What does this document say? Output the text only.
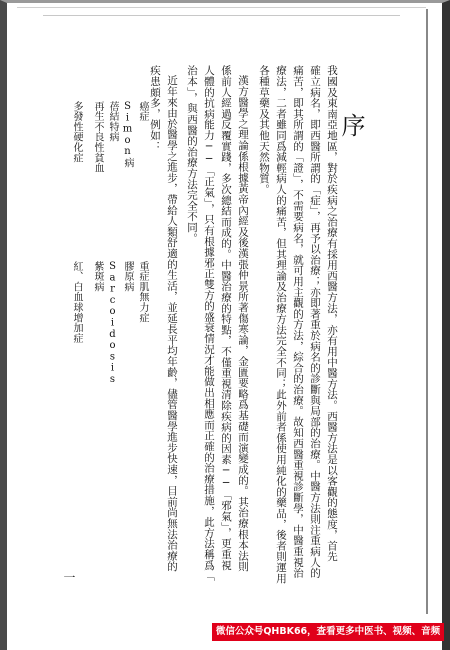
序
我國及東南亞地區，對於疾病之治療有採用西醫方法，亦有用中醫方法。西醫方法是以客觀的態度，首先
確立病名，即西醫所謂的「症」，再予以治療；亦即著重於病名的診斷與局部的治療。中醫方法則注重病人的
痛苦，即其所謂的「證」，不需要病名，就可用主觀的方法，綜合的治療。故知西醫重視診斷學，中醫重視治
療法，二者雖同爲減輕病人的痛苦，但其理論及治療方法完全不同；此外前者係使用純化的藥品，後者則運用
各種草藥及其他天然物質。
漢方醫學之理論係根據黃帝內經及後漢張仲景所著傷寒論，金匱要略爲基礎而演變成的。其治療根本法則
係前人經過反覆實踐，多次總結而成的。中醫治療的特點，不僅重視清除疾病的因素──「邪氣」，更重視
人體的抗病能力──「正氣」，只有根據邪正雙方的盛衰情況才能做出相應而正確的治療措施，此方法稱爲「
治本」，與西醫的治療方法完全不同。
近年來由於醫學之進步，帶給人類舒適的生活，並延長平均年齡，儘管醫學進步快速，目前尚無法治療的
疾患頗多，例如：
重症肌無力症
膠原病
Sarcoidosis
紫斑病
紅、白血球增加症
癌症
Simon病
蓓結特病
再生不良性貧血
多發性硬化症
一
微信公众号QHBK66，查看更多中医书、视频、音频
